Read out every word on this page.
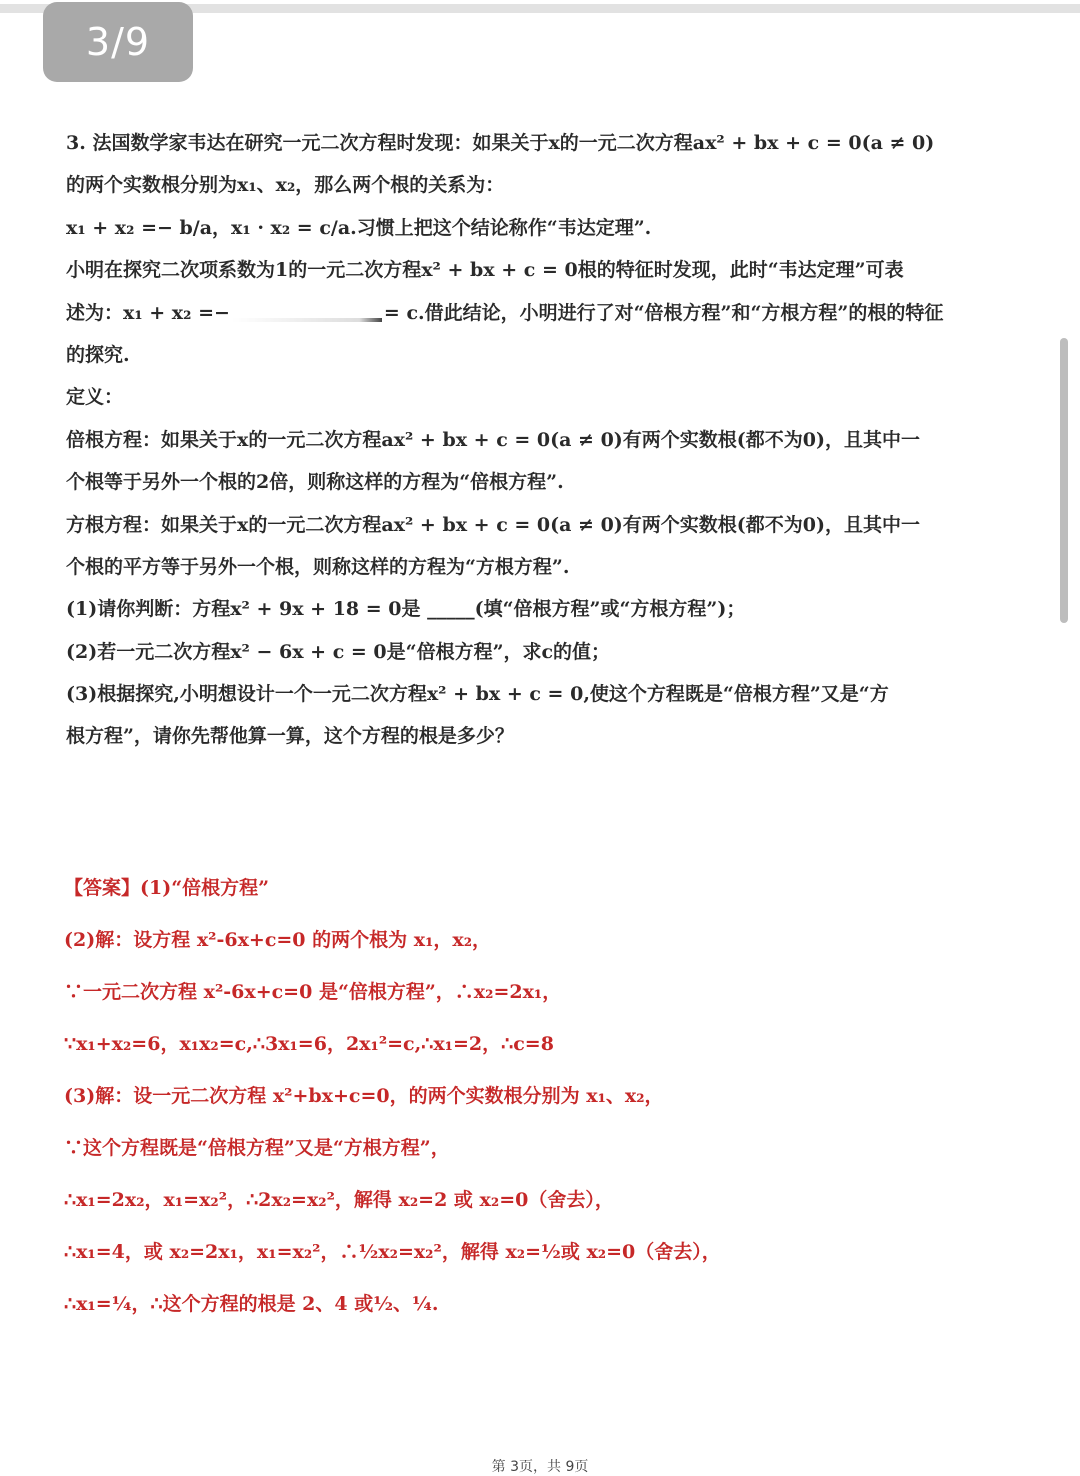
3/9
3. 法国数学家韦达在研究一元二次方程时发现：如果关于x的一元二次方程ax² + bx + c = 0(a ≠ 0)
的两个实数根分别为x₁、x₂，那么两个根的关系为：
x₁ + x₂ =− b/a，x₁ · x₂ = c/a.习惯上把这个结论称作“韦达定理”.
小明在探究二次项系数为1的一元二次方程x² + bx + c = 0根的特征时发现，此时“韦达定理”可表
述为：x₁ + x₂ =−	= c.借此结论，小明进行了对“倍根方程”和“方根方程”的根的特征
的探究.
定义：
倍根方程：如果关于x的一元二次方程ax² + bx + c = 0(a ≠ 0)有两个实数根(都不为0)，且其中一
个根等于另外一个根的2倍，则称这样的方程为“倍根方程”.
方根方程：如果关于x的一元二次方程ax² + bx + c = 0(a ≠ 0)有两个实数根(都不为0)，且其中一
个根的平方等于另外一个根，则称这样的方程为“方根方程”.
(1)请你判断：方程x² + 9x + 18 = 0是 _____(填“倍根方程”或“方根方程”)；
(2)若一元二次方程x² − 6x + c = 0是“倍根方程”，求c的值；
(3)根据探究,小明想设计一个一元二次方程x² + bx + c = 0,使这个方程既是“倍根方程”又是“方
根方程”，请你先帮他算一算，这个方程的根是多少？
【答案】(1)“倍根方程”
(2)解：设方程 x²-6x+c=0 的两个根为 x₁，x₂，
∵一元二次方程 x²-6x+c=0 是“倍根方程”，∴x₂=2x₁，
∵x₁+x₂=6，x₁x₂=c,∴3x₁=6，2x₁²=c,∴x₁=2，∴c=8
(3)解：设一元二次方程 x²+bx+c=0，的两个实数根分别为 x₁、x₂，
∵这个方程既是“倍根方程”又是“方根方程”，
∴x₁=2x₂，x₁=x₂²，∴2x₂=x₂²，解得 x₂=2 或 x₂=0（舍去），
∴x₁=4，或 x₂=2x₁，x₁=x₂²，∴½x₂=x₂²，解得 x₂=½或 x₂=0（舍去），
∴x₁=¼，∴这个方程的根是 2、4 或½、¼.
第 3页，共 9页
